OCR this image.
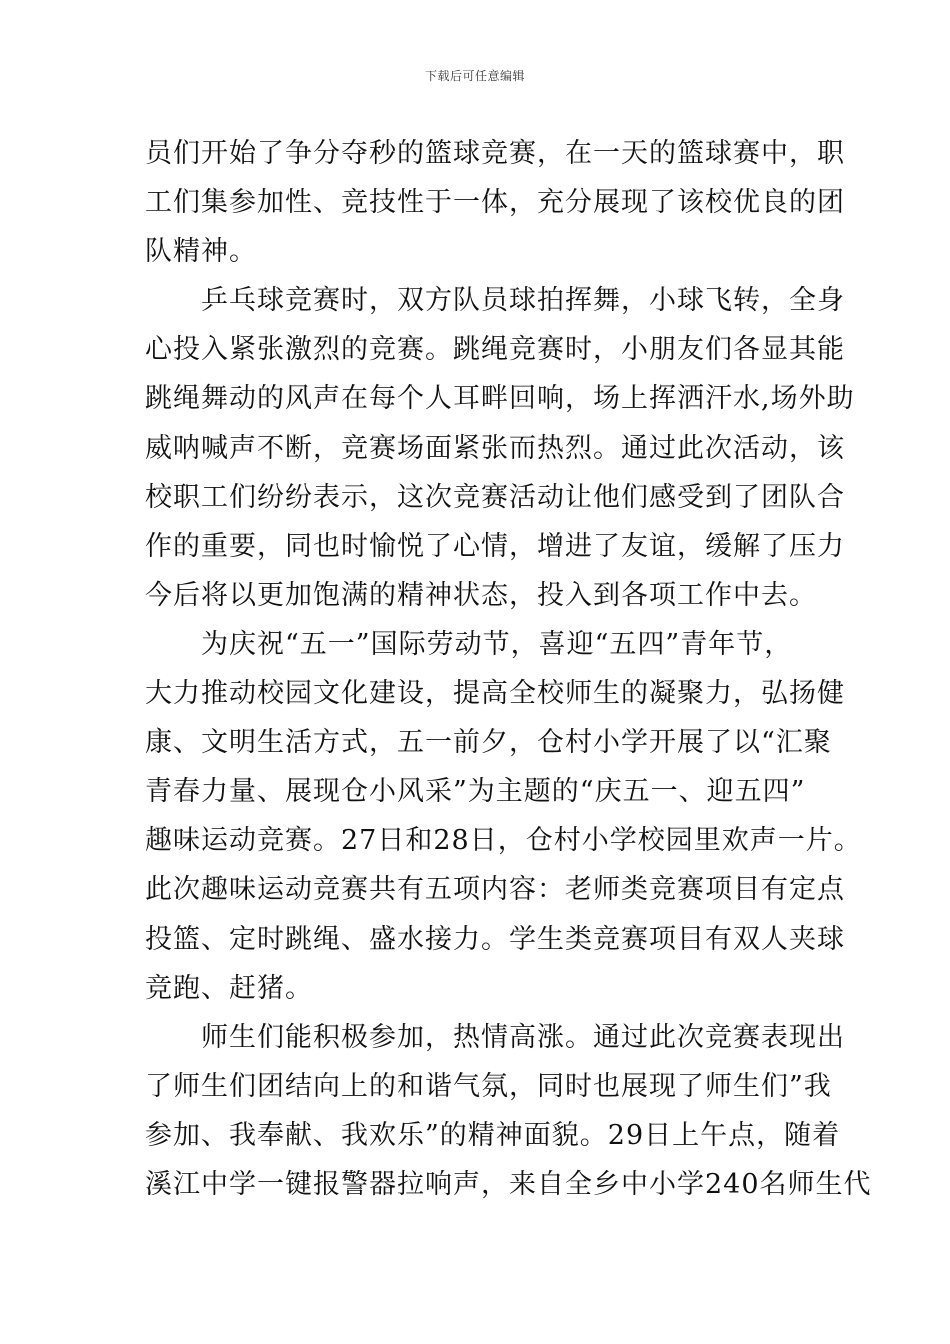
下载后可任意编辑
员们开始了争分夺秒的篮球竞赛，在一天的篮球赛中，职
工们集参加性、竞技性于一体，充分展现了该校优良的团
队精神。
　　乒乓球竞赛时，双方队员球拍挥舞，小球飞转，全身
心投入紧张激烈的竞赛。跳绳竞赛时，小朋友们各显其能
跳绳舞动的风声在每个人耳畔回响，场上挥洒汗水,场外助
威呐喊声不断，竞赛场面紧张而热烈。通过此次活动，该
校职工们纷纷表示，这次竞赛活动让他们感受到了团队合
作的重要，同也时愉悦了心情，增进了友谊，缓解了压力
今后将以更加饱满的精神状态，投入到各项工作中去。
　　为庆祝“五一”国际劳动节，喜迎“五四”青年节，
大力推动校园文化建设，提高全校师生的凝聚力，弘扬健
康、文明生活方式，五一前夕，仓村小学开展了以“汇聚
青春力量、展现仓小风采”为主题的“庆五一、迎五四”
趣味运动竞赛。27日和28日，仓村小学校园里欢声一片。
此次趣味运动竞赛共有五项内容：老师类竞赛项目有定点
投篮、定时跳绳、盛水接力。学生类竞赛项目有双人夹球
竞跑、赶猪。
　　师生们能积极参加，热情高涨。通过此次竞赛表现出
了师生们团结向上的和谐气氛，同时也展现了师生们”我
参加、我奉献、我欢乐”的精神面貌。29日上午点，随着
溪江中学一键报警器拉响声，来自全乡中小学240名师生代
